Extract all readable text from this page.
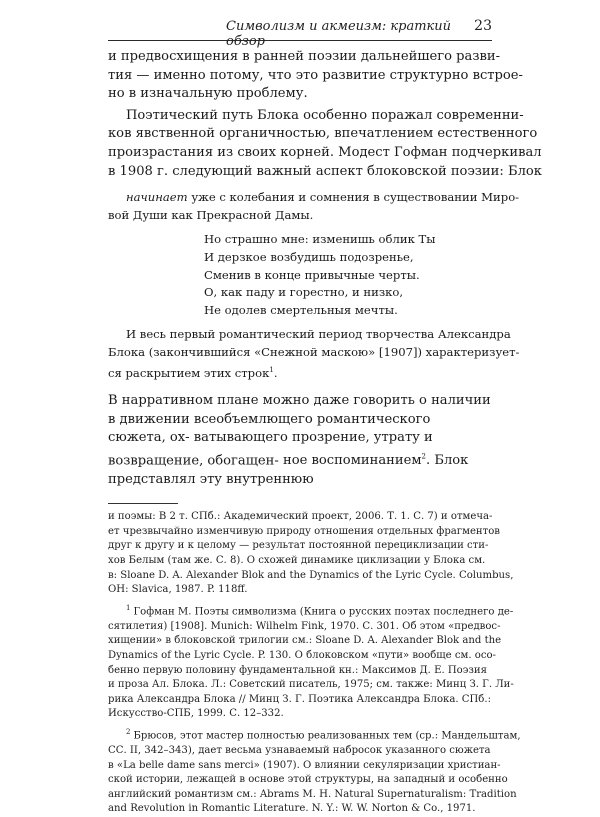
Символизм и акмеизм: краткий обзор
23

и предвосхищения в ранней поэзии дальнейшего разви-
тия — именно потому, что это развитие структурно встрое-
но в изначальную проблему.

Поэтический путь Блока особенно поражал современни-
ков явственной органичностью, впечатлением естественного
произрастания из своих корней. Модест Гофман подчеркивал
в 1908 г. следующий важный аспект блоковской поэзии: Блок

начинает уже с колебания и сомнения в существовании Миро-
вой Души как Прекрасной Дамы.
Но страшно мне: изменишь облик Ты
И дерзкое возбудишь подозренье,
Сменив в конце привычные черты.
О, как паду и горестно, и низко,
Не одолев смертельныя мечты.
И весь первый романтический период творчества Александра
Блока (закончившийся «Снежной маскою» [1907]) характеризует-
ся раскрытием этих строк$^1$.

В нарративном плане можно даже говорить о наличии в движении всеобъемлющего романтического сюжета, ох- ватывающего прозрение, утрату и возвращение, обогащен- ное воспоминанием$^2$. Блок представлял эту внутреннюю

и поэмы: В 2 т. СПб.: Академический проект, 2006. Т. 1. С. 7) и отмеча-
ет чрезвычайно изменчивую природу отношения отдельных фрагментов
друг к другу и к целому — результат постоянной перециклизации сти-
хов Белым (там же. С. 8). О схожей динамике циклизации у Блока см.
в: Sloane D. A. Alexander Blok and the Dynamics of the Lyric Cycle. Columbus,
OH: Slavica, 1987. P. 118ff.
$^1$ Гофман М. Поэты символизма (Книга о русских поэтах последнего де-
сятилетия) [1908]. Munich: Wilhelm Fink, 1970. С. 301. Об этом «предвос-
хищении» в блоковской трилогии см.: Sloane D. A. Alexander Blok and the
Dynamics of the Lyric Cycle. P. 130. О блоковском «пути» вообще см. осо-
бенно первую половину фундаментальной кн.: Максимов Д. Е. Поэзия
и проза Ал. Блока. Л.: Советский писатель, 1975; см. также: Минц З. Г. Ли-
рика Александра Блока // Минц З. Г. Поэтика Александра Блока. СПб.:
Искусство-СПБ, 1999. С. 12–332.
$^2$ Брюсов, этот мастер полностью реализованных тем (ср.: Мандельштам,
СС. II, 342–343), дает весьма узнаваемый набросок указанного сюжета
в «La belle dame sans merci» (1907). О влиянии секуляризации христиан-
ской истории, лежащей в основе этой структуры, на западный и особенно
английский романтизм см.: Abrams M. H. Natural Supernaturalism: Tradition
and Revolution in Romantic Literature. N. Y.: W. W. Norton & Co., 1971.
